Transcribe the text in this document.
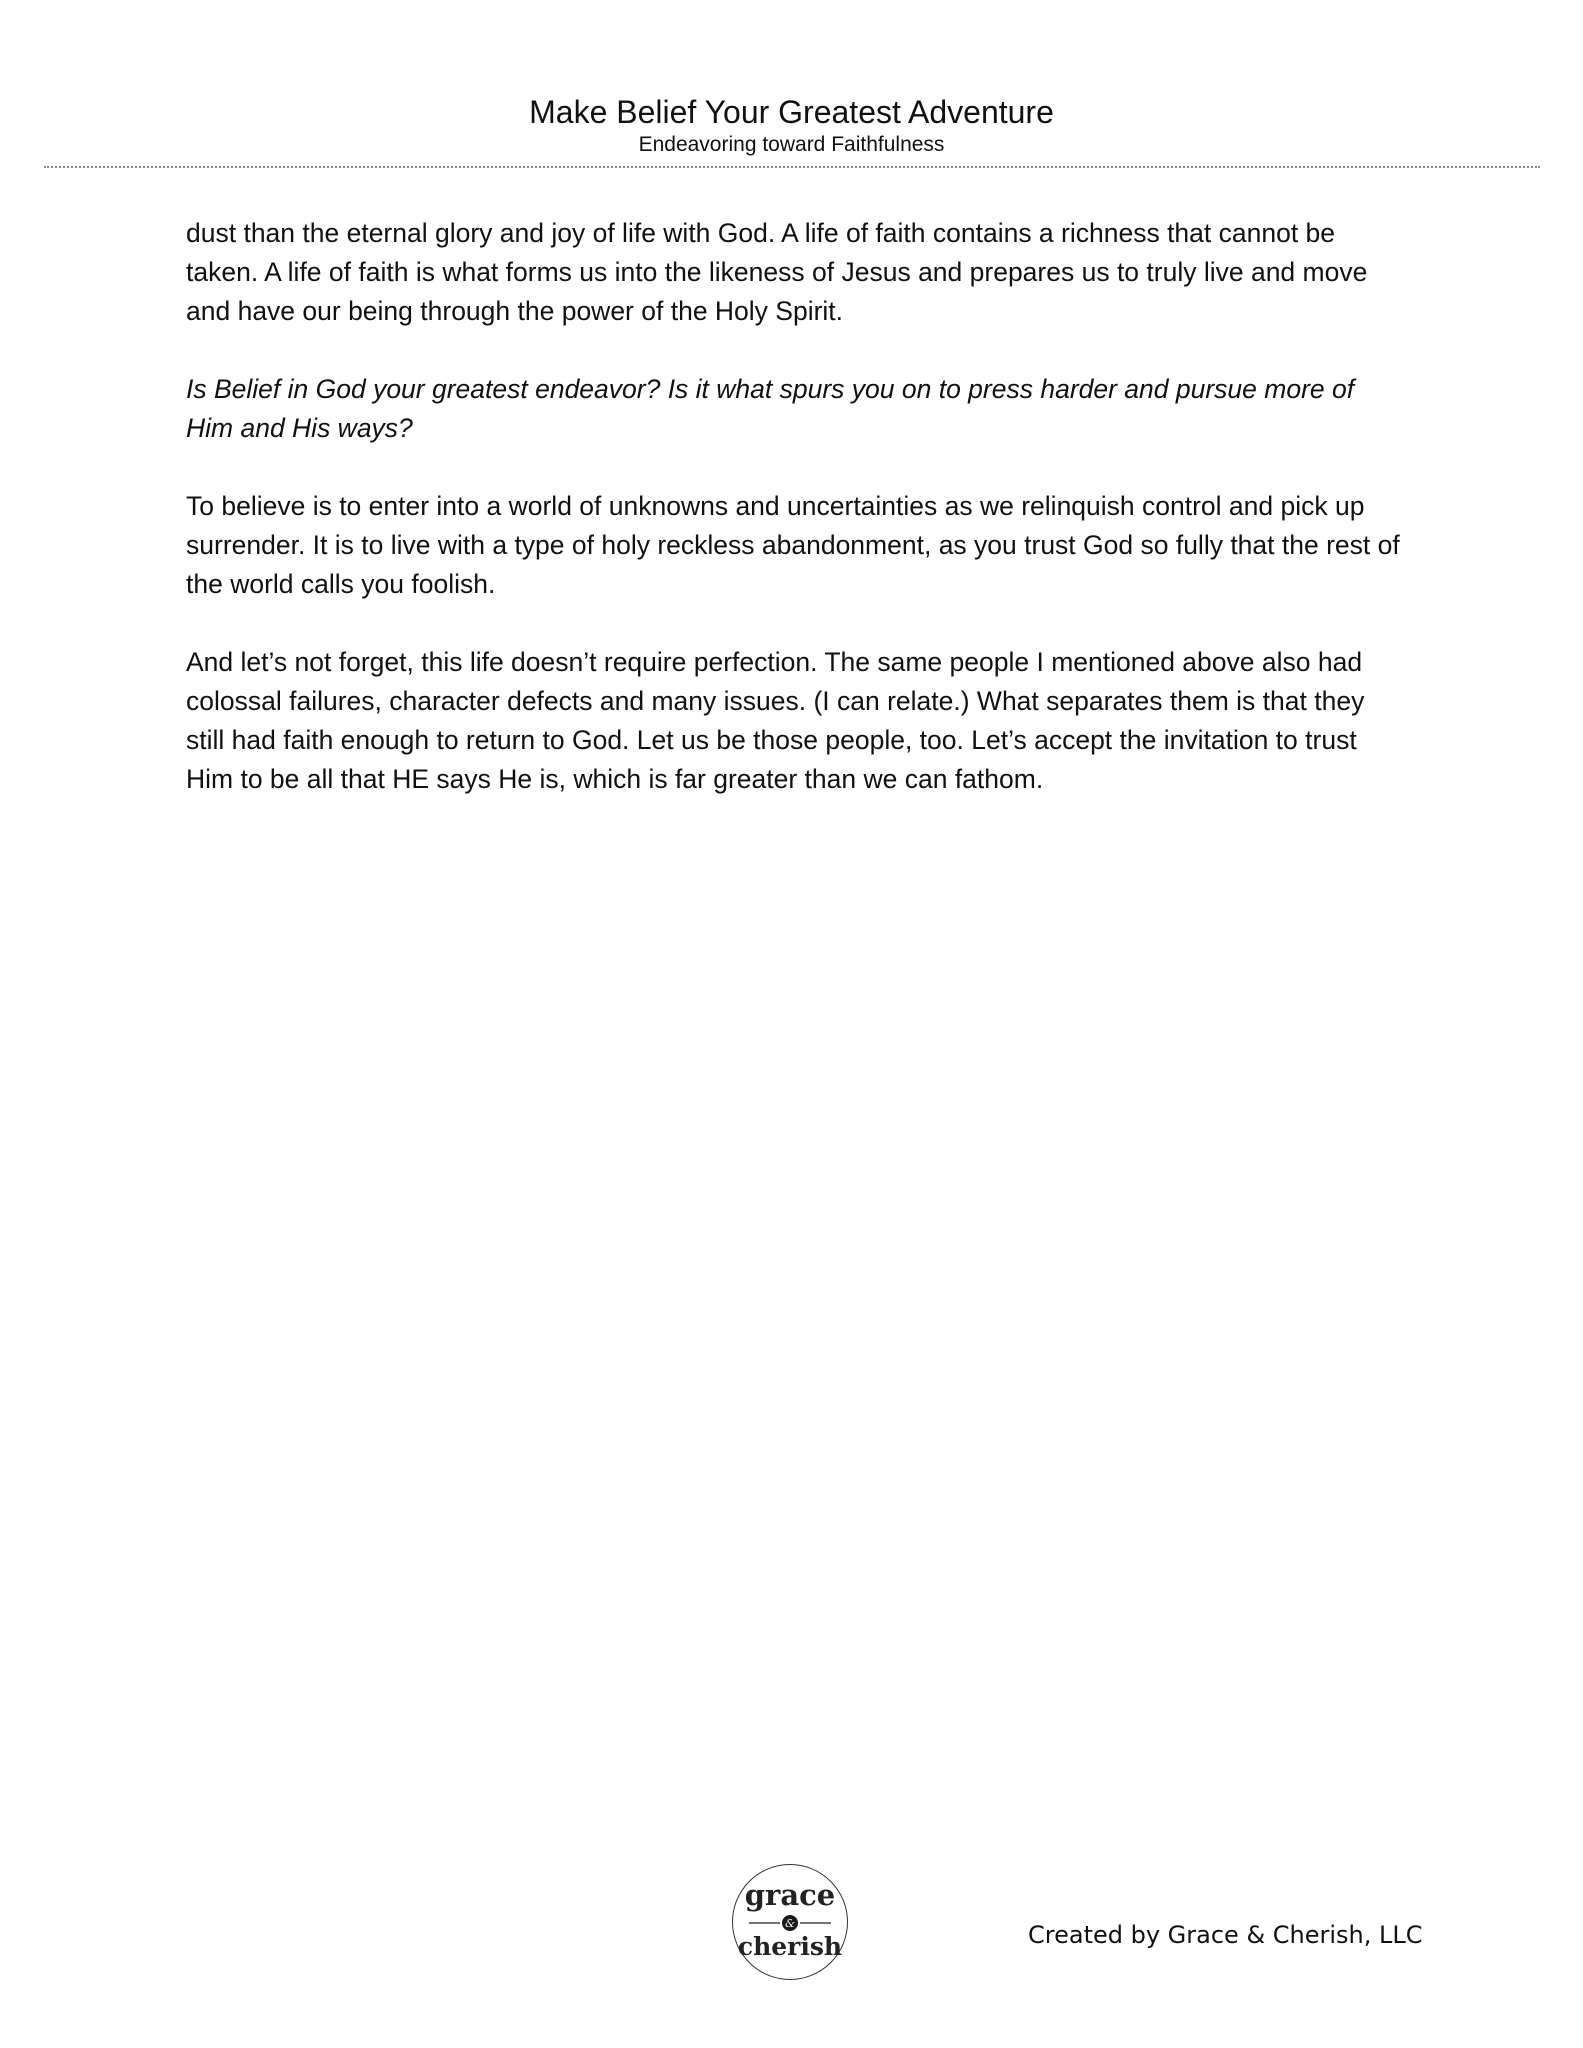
Make Belief Your Greatest Adventure
Endeavoring toward Faithfulness

dust than the eternal glory and joy of life with God. A life of faith contains a richness that cannot be taken. A life of faith is what forms us into the likeness of Jesus and prepares us to truly live and move and have our being through the power of the Holy Spirit.

Is Belief in God your greatest endeavor? Is it what spurs you on to press harder and pursue more of Him and His ways?

To believe is to enter into a world of unknowns and uncertainties as we relinquish control and pick up surrender. It is to live with a type of holy reckless abandonment, as you trust God so fully that the rest of the world calls you foolish.

And let’s not forget, this life doesn’t require perfection. The same people I mentioned above also had colossal failures, character defects and many issues. (I can relate.) What separates them is that they still had faith enough to return to God. Let us be those people, too. Let’s accept the invitation to trust Him to be all that HE says He is, which is far greater than we can fathom.

grace
&
cherish	Created by Grace & Cherish, LLC
